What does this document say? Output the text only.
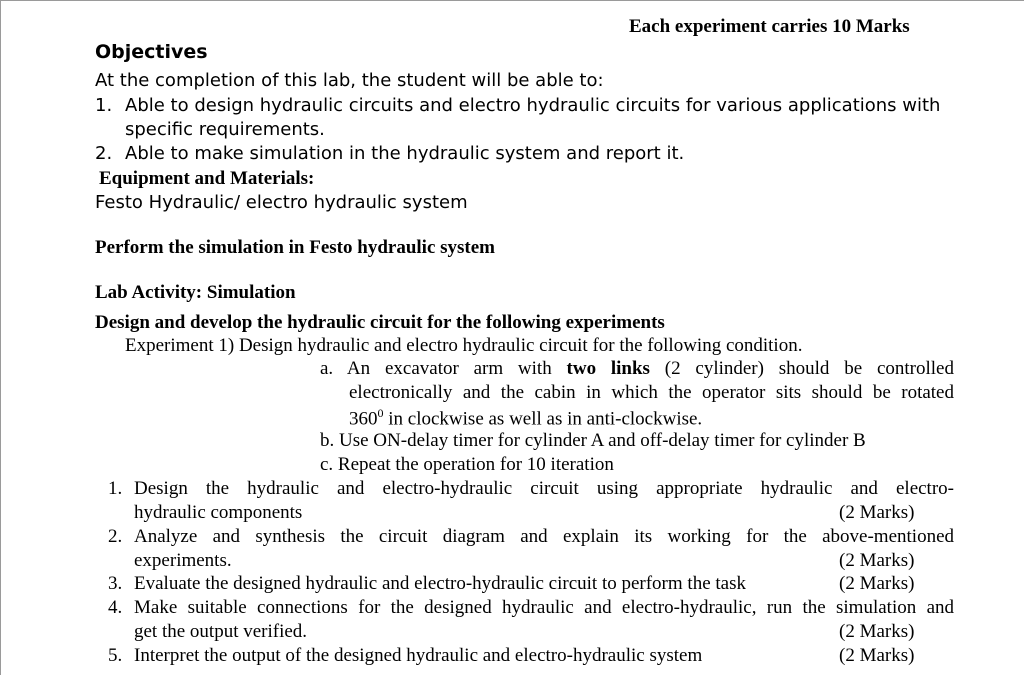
Each experiment carries 10 Marks
Objectives
At the completion of this lab, the student will be able to:
1. Able to design hydraulic circuits and electro hydraulic circuits for various applications with
specific requirements.
2. Able to make simulation in the hydraulic system and report it.
Equipment and Materials:
Festo Hydraulic/ electro hydraulic system
Perform the simulation in Festo hydraulic system
Lab Activity: Simulation
Design and develop the hydraulic circuit for the following experiments
Experiment 1) Design hydraulic and electro hydraulic circuit for the following condition.
a. An excavator arm with two links (2 cylinder) should be controlled
electronically and the cabin in which the operator sits should be rotated
$360^0$ in clockwise as well as in anti-clockwise.
b. Use ON-delay timer for cylinder A and off-delay timer for cylinder B
c. Repeat the operation for 10 iteration
1. Design the hydraulic and electro-hydraulic circuit using appropriate hydraulic and electro-
hydraulic components	(2 Marks)
2. Analyze and synthesis the circuit diagram and explain its working for the above-mentioned
experiments.	(2 Marks)
3. Evaluate the designed hydraulic and electro-hydraulic circuit to perform the task	(2 Marks)
4. Make suitable connections for the designed hydraulic and electro-hydraulic, run the simulation and
get the output verified.	(2 Marks)
5. Interpret the output of the designed hydraulic and electro-hydraulic system	(2 Marks)
